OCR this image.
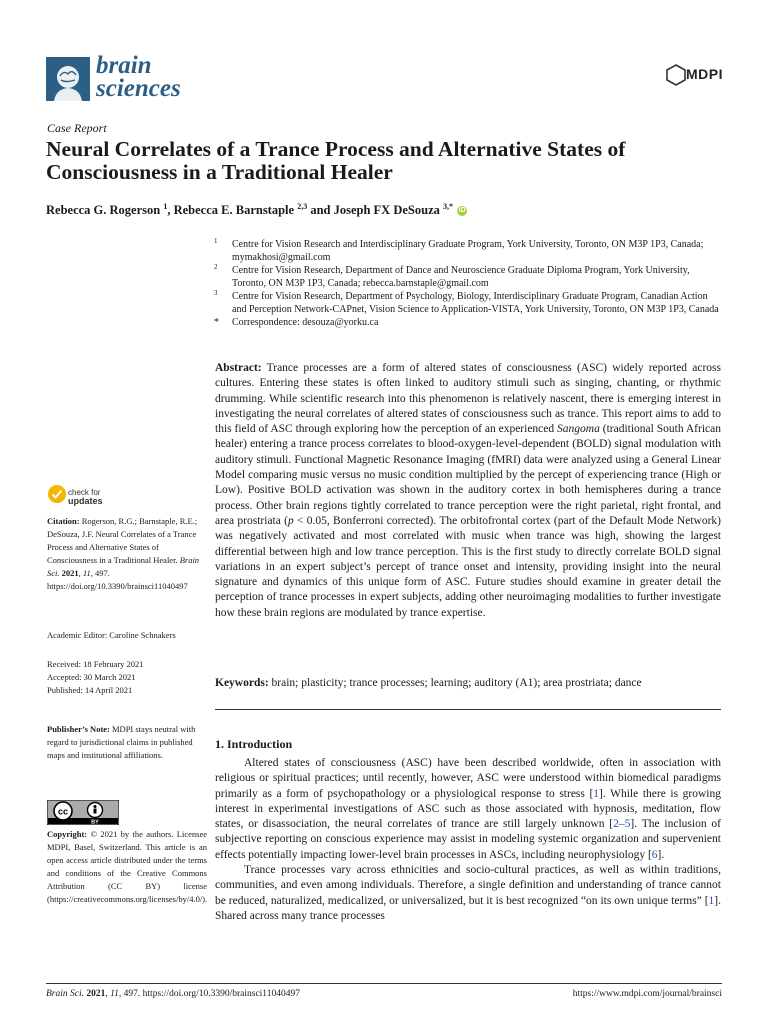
brain
sciences
MDPI
Case Report
Neural Correlates of a Trance Process and Alternative States of Consciousness in a Traditional Healer
Rebecca G. Rogerson $^1$, Rebecca E. Barnstaple $^{2,3}$ and Joseph FX DeSouza $^{3,*}$ iD
1 Centre for Vision Research and Interdisciplinary Graduate Program, York University, Toronto, ON M3P 1P3, Canada; mymakhosi@gmail.com
2 Centre for Vision Research, Department of Dance and Neuroscience Graduate Diploma Program, York University, Toronto, ON M3P 1P3, Canada; rebecca.barnstaple@gmail.com
3 Centre for Vision Research, Department of Psychology, Biology, Interdisciplinary Graduate Program, Canadian Action and Perception Network-CAPnet, Vision Science to Application-VISTA, York University, Toronto, ON M3P 1P3, Canada
* Correspondence: desouza@yorku.ca
Abstract: Trance processes are a form of altered states of consciousness (ASC) widely reported across cultures. Entering these states is often linked to auditory stimuli such as singing, chanting, or rhythmic drumming. While scientific research into this phenomenon is relatively nascent, there is emerging interest in investigating the neural correlates of altered states of consciousness such as trance. This report aims to add to this field of ASC through exploring how the perception of an experienced Sangoma (traditional South African healer) entering a trance process correlates to blood-oxygen-level-dependent (BOLD) signal modulation with auditory stimuli. Functional Magnetic Resonance Imaging (fMRI) data were analyzed using a General Linear Model comparing music versus no music condition multiplied by the percept of experiencing trance (High or Low). Positive BOLD activation was shown in the auditory cortex in both hemispheres during a trance process. Other brain regions tightly correlated to trance perception were the right parietal, right frontal, and area prostriata (p < 0.05, Bonferroni corrected). The orbitofrontal cortex (part of the Default Mode Network) was negatively activated and most correlated with music when trance was high, showing the largest differential between high and low trance perception. This is the first study to directly correlate BOLD signal variations in an expert subject’s percept of trance onset and intensity, providing insight into the neural signature and dynamics of this unique form of ASC. Future studies should examine in greater detail the perception of trance processes in expert subjects, adding other neuroimaging modalities to further investigate how these brain regions are modulated by trance expertise.
Keywords: brain; plasticity; trance processes; learning; auditory (A1); area prostriata; dance
1. Introduction

Altered states of consciousness (ASC) have been described worldwide, often in association with religious or spiritual practices; until recently, however, ASC were understood within biomedical paradigms primarily as a form of psychopathology or a physiological response to stress [1]. While there is growing interest in experimental investigations of ASC such as those associated with hypnosis, meditation, flow states, or disassociation, the neural correlates of trance are still largely unknown [2–5]. The inclusion of subjective reporting on conscious experience may assist in modeling systemic organization and supervenient effects potentially impacting lower-level brain processes in ASCs, including neurophysiology [6].

Trance processes vary across ethnicities and socio-cultural practices, as well as within traditions, communities, and even among individuals. Therefore, a single definition and understanding of trance cannot be reduced, naturalized, medicalized, or universalized, but it is best recognized “on its own unique terms” [1]. Shared across many trance processes

check for
updates
Citation: Rogerson, R.G.; Barnstaple, R.E.; DeSouza, J.F. Neural Correlates of a Trance Process and Alternative States of Consciousness in a Traditional Healer. Brain Sci. 2021, 11, 497. https://doi.org/10.3390/brainsci11040497
Academic Editor: Caroline Schnakers
Received: 18 February 2021
Accepted: 30 March 2021
Published: 14 April 2021
Publisher’s Note: MDPI stays neutral with regard to jurisdictional claims in published maps and institutional affiliations.
cc
BY
Copyright: © 2021 by the authors. Licensee MDPI, Basel, Switzerland. This article is an open access article distributed under the terms and conditions of the Creative Commons Attribution (CC BY) license (https://creativecommons.org/licenses/by/4.0/).
Brain Sci. 2021, 11, 497. https://doi.org/10.3390/brainsci11040497	https://www.mdpi.com/journal/brainsci
